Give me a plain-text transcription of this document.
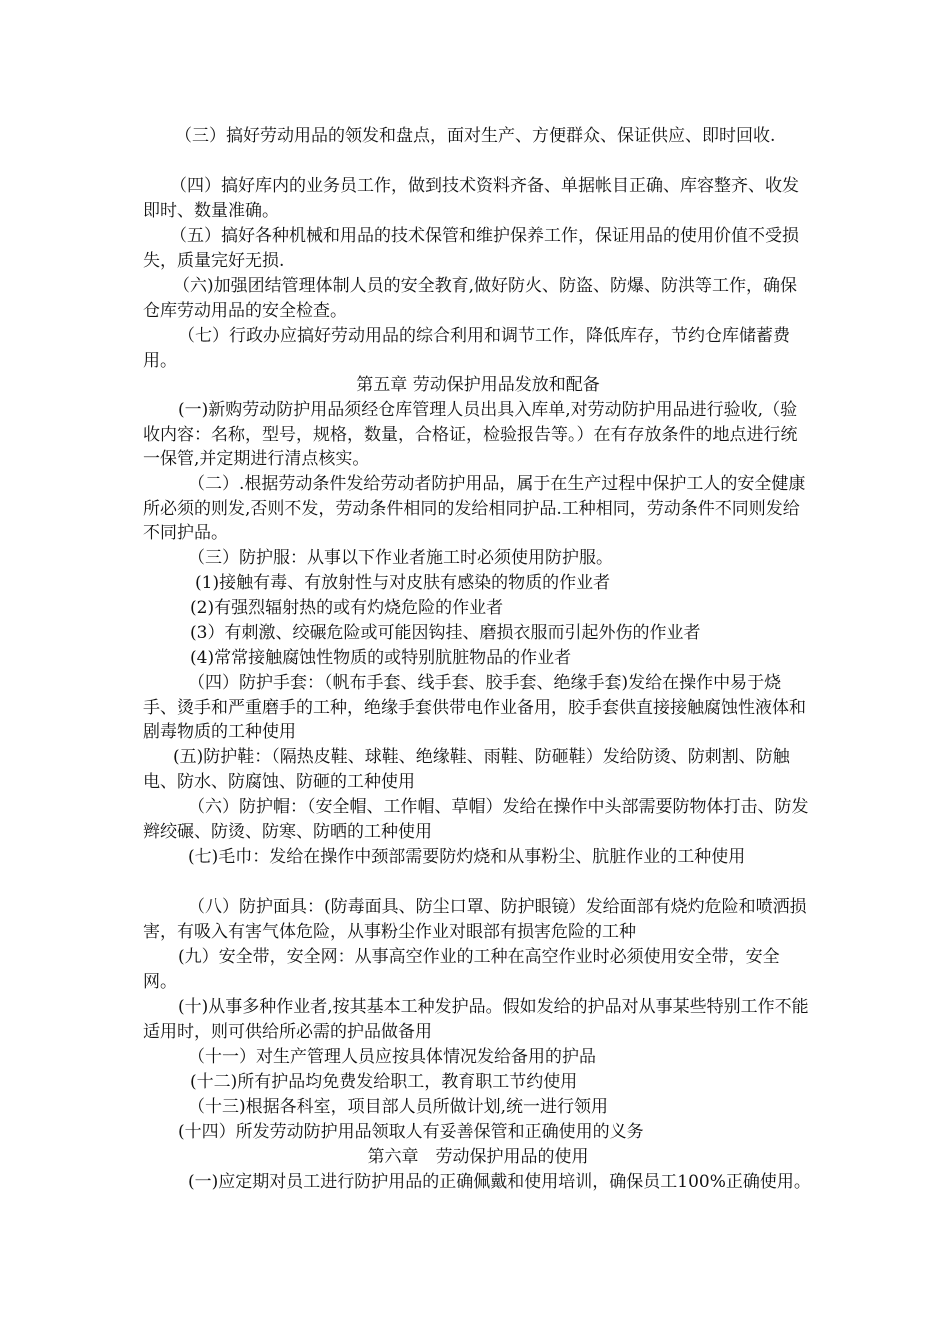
（三）搞好劳动用品的领发和盘点，面对生产、方便群众、保证供应、即时回收.

（四）搞好库内的业务员工作，做到技术资料齐备、单据帐目正确、库容整齐、收发即时、数量准确。

（五）搞好各种机械和用品的技术保管和维护保养工作，保证用品的使用价值不受损失，质量完好无损.

（六)加强团结管理体制人员的安全教育,做好防火、防盗、防爆、防洪等工作，确保仓库劳动用品的安全检查。

（七）行政办应搞好劳动用品的综合利用和调节工作，降低库存，节约仓库储蓄费用。

第五章 劳动保护用品发放和配备

(一)新购劳动防护用品须经仓库管理人员出具入库单,对劳动防护用品进行验收,（验收内容：名称，型号，规格，数量，合格证，检验报告等。）在有存放条件的地点进行统一保管,并定期进行清点核实。

（二）.根据劳动条件发给劳动者防护用品，属于在生产过程中保护工人的安全健康所必须的则发,否则不发，劳动条件相同的发给相同护品.工种相同，劳动条件不同则发给不同护品。

（三）防护服：从事以下作业者施工时必须使用防护服。

(1)接触有毒、有放射性与对皮肤有感染的物质的作业者

(2)有强烈辐射热的或有灼烧危险的作业者

(3）有刺激、绞碾危险或可能因钩挂、磨损衣服而引起外伤的作业者

(4)常常接触腐蚀性物质的或特别肮脏物品的作业者

（四）防护手套：（帆布手套、线手套、胶手套、绝缘手套)发给在操作中易于烧手、烫手和严重磨手的工种，绝缘手套供带电作业备用，胶手套供直接接触腐蚀性液体和剧毒物质的工种使用

(五)防护鞋：（隔热皮鞋、球鞋、绝缘鞋、雨鞋、防砸鞋）发给防烫、防刺割、防触电、防水、防腐蚀、防砸的工种使用

（六）防护帽：（安全帽、工作帽、草帽）发给在操作中头部需要防物体打击、防发辫绞碾、防烫、防寒、防晒的工种使用

(七)毛巾：发给在操作中颈部需要防灼烧和从事粉尘、肮脏作业的工种使用

（八）防护面具：(防毒面具、防尘口罩、防护眼镜）发给面部有烧灼危险和喷洒损害，有吸入有害气体危险，从事粉尘作业对眼部有损害危险的工种

(九）安全带，安全网：从事高空作业的工种在高空作业时必须使用安全带，安全网。

(十)从事多种作业者,按其基本工种发护品。假如发给的护品对从事某些特别工作不能适用时，则可供给所必需的护品做备用

（十一）对生产管理人员应按具体情况发给备用的护品

(十二)所有护品均免费发给职工，教育职工节约使用

（十三)根据各科室，项目部人员所做计划,统一进行领用

(十四）所发劳动防护用品领取人有妥善保管和正确使用的义务

第六章　劳动保护用品的使用

(一)应定期对员工进行防护用品的正确佩戴和使用培训，确保员工100%正确使用。
